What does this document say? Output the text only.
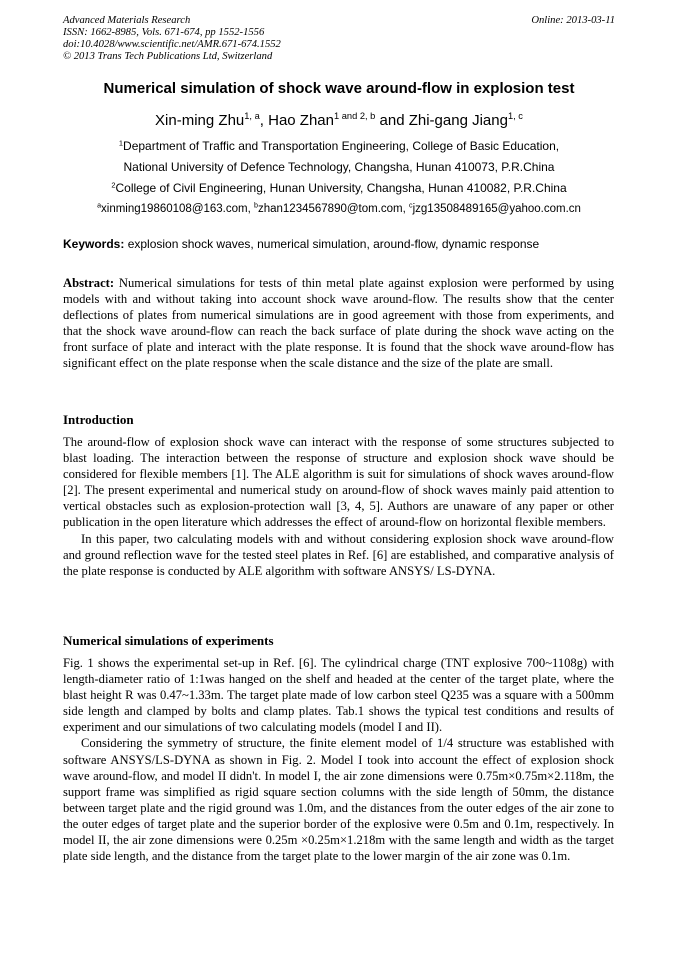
Advanced Materials Research
ISSN: 1662-8985, Vols. 671-674, pp 1552-1556
doi:10.4028/www.scientific.net/AMR.671-674.1552
© 2013 Trans Tech Publications Ltd, Switzerland
Online: 2013-03-11
Numerical simulation of shock wave around-flow in explosion test
Xin-ming Zhu$^{1, a}$, Hao Zhan$^{1 and 2, b}$ and Zhi-gang Jiang$^{1, c}$
$^1$Department of Traffic and Transportation Engineering, College of Basic Education,
National University of Defence Technology, Changsha, Hunan 410073, P.R.China
$^2$College of Civil Engineering, Hunan University, Changsha, Hunan 410082, P.R.China
$^a$xinming19860108@163.com, $^b$zhan1234567890@tom.com, $^c$jzg13508489165@yahoo.com.cn
Keywords: explosion shock waves, numerical simulation, around-flow, dynamic response

Abstract: Numerical simulations for tests of thin metal plate against explosion were performed by using models with and without taking into account shock wave around-flow. The results show that the center deflections of plates from numerical simulations are in good agreement with those from experiments, and that the shock wave around-flow can reach the back surface of plate during the shock wave acting on the front surface of plate and interact with the plate response. It is found that the shock wave around-flow has significant effect on the plate response when the scale distance and the size of the plate are small.

Introduction

The around-flow of explosion shock wave can interact with the response of some structures subjected to blast loading. The interaction between the response of structure and explosion shock wave should be considered for flexible members [1]. The ALE algorithm is suit for simulations of shock waves around-flow [2]. The present experimental and numerical study on around-flow of shock waves mainly paid attention to vertical obstacles such as explosion-protection wall [3, 4, 5]. Authors are unaware of any paper or other publication in the open literature which addresses the effect of around-flow on horizontal flexible members.

In this paper, two calculating models with and without considering explosion shock wave around-flow and ground reflection wave for the tested steel plates in Ref. [6] are established, and comparative analysis of the plate response is conducted by ALE algorithm with software ANSYS/ LS-DYNA.

Numerical simulations of experiments

Fig. 1 shows the experimental set-up in Ref. [6]. The cylindrical charge (TNT explosive 700~1108g) with length-diameter ratio of 1:1was hanged on the shelf and headed at the center of the target plate, where the blast height R was 0.47~1.33m. The target plate made of low carbon steel Q235 was a square with a 500mm side length and clamped by bolts and clamp plates. Tab.1 shows the typical test conditions and results of experiment and our simulations of two calculating models (model I and II).

Considering the symmetry of structure, the finite element model of 1/4 structure was established with software ANSYS/LS-DYNA as shown in Fig. 2. Model I took into account the effect of explosion shock wave around-flow, and model II didn't. In model I, the air zone dimensions were 0.75m×0.75m×2.118m, the support frame was simplified as rigid square section columns with the side length of 50mm, the distance between target plate and the rigid ground was 1.0m, and the distances from the outer edges of the air zone to the outer edges of target plate and the superior border of the explosive were 0.5m and 0.1m, respectively. In model II, the air zone dimensions were 0.25m ×0.25m×1.218m with the same length and width as the target plate side length, and the distance from the target plate to the lower margin of the air zone was 0.1m.
